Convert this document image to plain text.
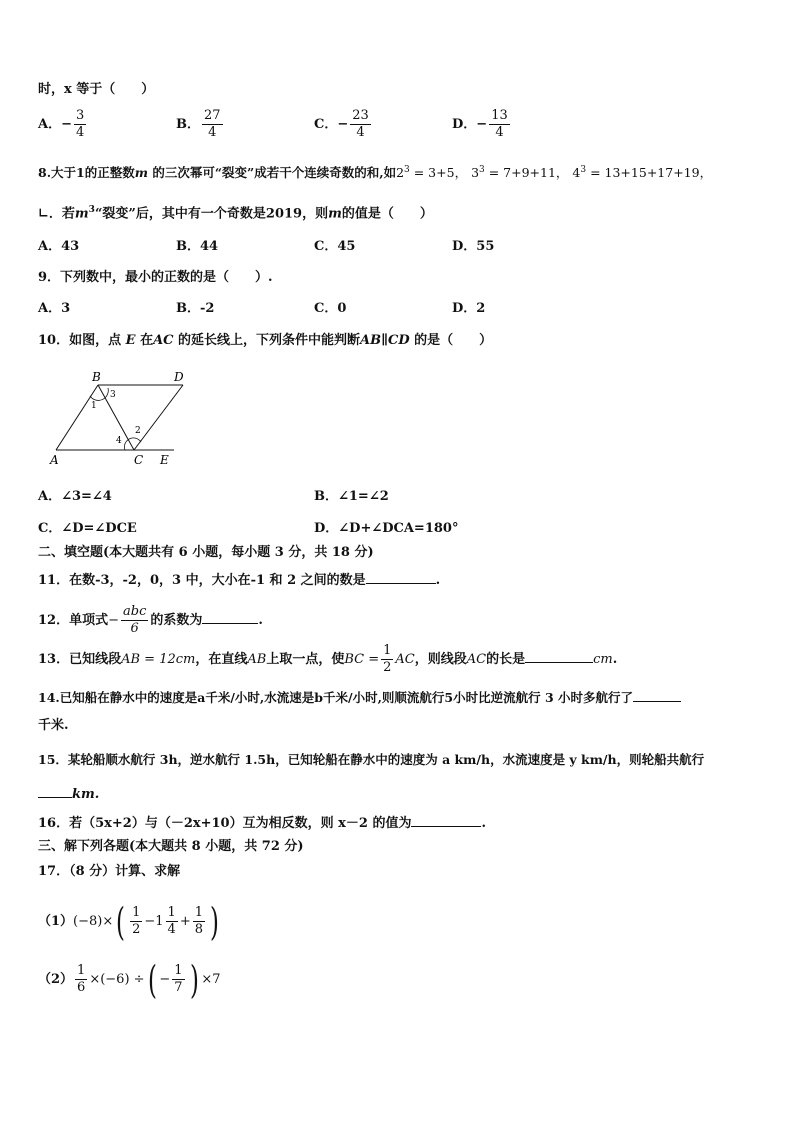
时，x 等于（　　）
A．− $\frac{3}{4}$	B． $\frac{27}{4}$	C．− $\frac{23}{4}$	D．− $\frac{13}{4}$
8.大于1的正整数m 的三次幂可“裂变”成若干个连续奇数的和,如$2^3 = 3+5$， $3^3 = 7+9+11$， $4^3 = 13+15+17+19$，
∟．若$m^3“$裂变”后，其中有一个奇数是2019，则m的值是（　　）
A．43	B．44	C．45	D．55
9．下列数中，最小的正数的是（　　）.
A．3	B．-2	C．0	D．2
10．如图，点 E 在AC 的延长线上，下列条件中能判断AB∥CD 的是（　　）
B	D
A	C E
3
1
2
4
A．∠3=∠4	B．∠1=∠2
C．∠D=∠DCE	D．∠D+∠DCA=180°
二、填空题(本大题共有 6 小题，每小题 3 分，共 18 分)
11．在数-3，-2，0，3 中，大小在-1 和 2 之间的数是	.
12．单项式− $\frac{\text{abc}}{6}$ 的系数为	.
13．已知线段AB = 12cm，在直线AB上取一点，使BC = $\frac{1}{2}$ AC，则线段AC的长是	cm.
14.已知船在静水中的速度是a千米/小时,水流速是b千米/小时,则顺流航行5小时比逆流航行 3 小时多航行了
千米.
15．某轮船顺水航行 3h，逆水航行 1.5h，已知轮船在静水中的速度为 a km/h，水流速度是 y km/h，则轮船共航行
km.
16．若（5x+2）与（－2x+10）互为相反数，则 x－2 的值为	.
三、解下列各题(本大题共 8 小题，共 72 分)
17．（8 分）计算、求解
$(1)(-8)\times( \frac{1}{2} -1 \frac{1}{4} + \frac{1}{8}$ )
$(2) \frac{1}{6} \times(-6)$ ÷( − $\frac{1}{7}$ ) ×7
